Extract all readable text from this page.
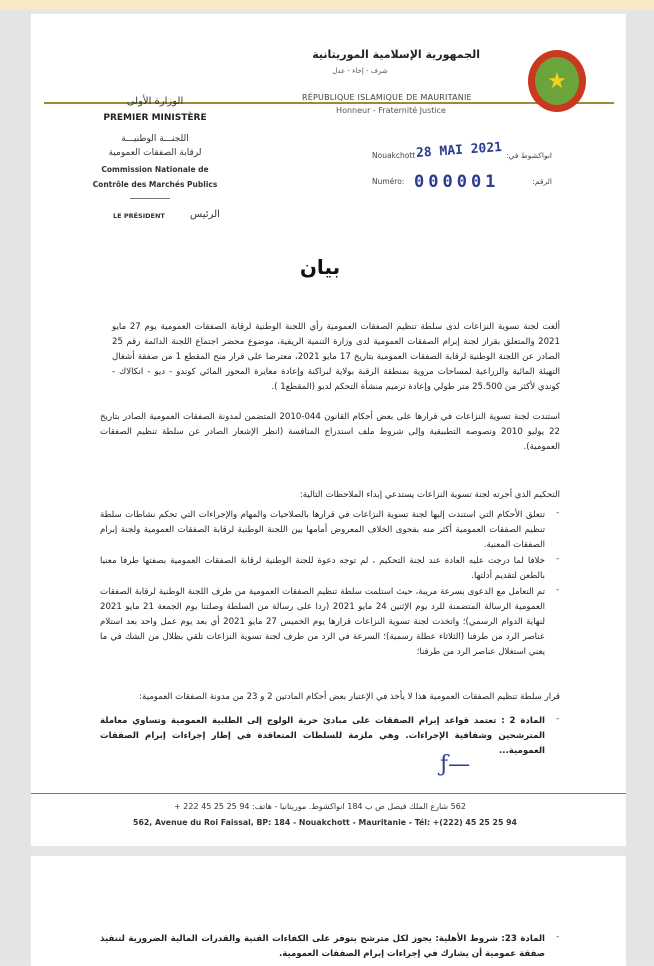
الجمهورية الإسلامية الموريتانية
شرف - إخاء - عدل	★
RÉPUBLIQUE ISLAMIQUE DE MAURITANIE
Honneur - Fraternité Justice
الوزارة الأولى
PREMIER MINISTÈRE
اللجنـــة الوطنيـــة
لرقابة الصفقات العمومية
Commission Nationale de
Contrôle des Marchés Publics
LE PRÉSIDENT	الرئيس
Nouakchott 28 MAI 2021 انواكشوط في:
Numéro: 000001	الرقم:
بيان
ألغت لجنة تسوية النزاعات لدى سلطة تنظيم الصفقات العمومية رأي اللجنة الوطنية لرقابة الصفقات العمومية يوم 27 مايو 2021 والمتعلق بقرار لجنة إبرام الصفقات العمومية لدى وزارة التنمية الريفية، موضوع محضر اجتماع اللجنة الدائمة رقم 25 الصادر عن اللجنة الوطنية لرقابة الصفقات العمومية بتاريخ 17 مايو 2021، معترضا على قرار منح المقطع 1 من صفقة أشغال التهيئة المائية والزراعية لمساحات مروية بمنطقة الرقبة بولاية لبراكنة وإعادة معايرة المحور المائي كوندو - ديو - انكالاك - كوندي لأكثر من 25.500 متر طولي وإعادة ترميم منشأة التحكم لديو (المقطع1 ).
استندت لجنة تسوية النزاعات في قرارها على بعض أحكام القانون 044-2010 المتضمن لمدونة الصفقات العمومية الصادر بتاريخ 22 يوليو 2010 ونصوصه التطبيقية وإلى شروط ملف استدراج المنافسة (انظر الإشعار الصادر عن سلطة تنظيم الصفقات العمومية).
التحكيم الذي أجرته لجنة تسوية النزاعات يستدعي إبداء الملاحظات التالية:
تتعلق الأحكام التي استندت إليها لجنة تسوية النزاعات في قرارها بالصلاحيات والمهام والإجراءات التي تحكم نشاطات سلطة تنظيم الصفقات العمومية أكثر منه بفحوى الخلاف المعروض أمامها بين اللجنة الوطنية لرقابة الصفقات العمومية ولجنة إبرام الصفقات المعنية.
-
خلافا لما درجت عليه العادة عند لجنة التحكيم ، لم توجه دعوة للجنة الوطنية لرقابة الصفقات العمومية بصفتها طرفا معنيا بالطعن لتقديم أدلتها.
-
تم التعامل مع الدعوى بسرعة مريبة، حيث استلمت سلطة تنظيم الصفقات العمومية من طرف اللجنة الوطنية لرقابة الصفقات العمومية الرسالة المتضمنة للرد يوم الإثنين 24 مايو 2021 (ردا على رسالة من السلطة وصلتنا يوم الجمعة 21 مايو 2021 لنهاية الدوام الرسمي)؛ واتخذت لجنة تسوية النزاعات قرارها يوم الخميس 27 مايو 2021 أي بعد يوم عمل واحد بعد استلام عناصر الرد من طرفنا (الثلاثاء عطلة رسمية)؛ السرعة في الرد من طرف لجنة تسوية النزاعات تلقي بظلال من الشك في ما يعني استغلال عناصر الرد من طرفنا؛
-
قرار سلطة تنظيم الصفقات العمومية هذا لا يأخذ في الإعتبار بعض أحكام المادتين 2 و 23 من مدونة الصفقات العمومية:
المادة 2 : تعتمد قواعد إبرام الصفقات على مبادئ حرية الولوج إلى الطلبية العمومية وتساوي معاملة المترشحين وشفافية الإجراءات. وهي ملزمة للسلطات المتعاقدة في إطار إجراءات إبرام الصفقات العمومية...
-
ƒ—
562 شارع الملك فيصل ص ب 184 انواكشوط. موريتانيا - هاتف: 94 25 25 45 222 +
562, Avenue du Roi Faissal, BP: 184 - Nouakchott - Mauritanie - Tél: +(222) 45 25 25 94
المادة 23: شروط الأهلية: يجوز لكل مترشح يتوفر على الكفاءات الفنية والقدرات المالية الضرورية لتنفيذ صفقة عمومية أن يشارك في إجراءات إبرام الصفقات العمومية.
-
